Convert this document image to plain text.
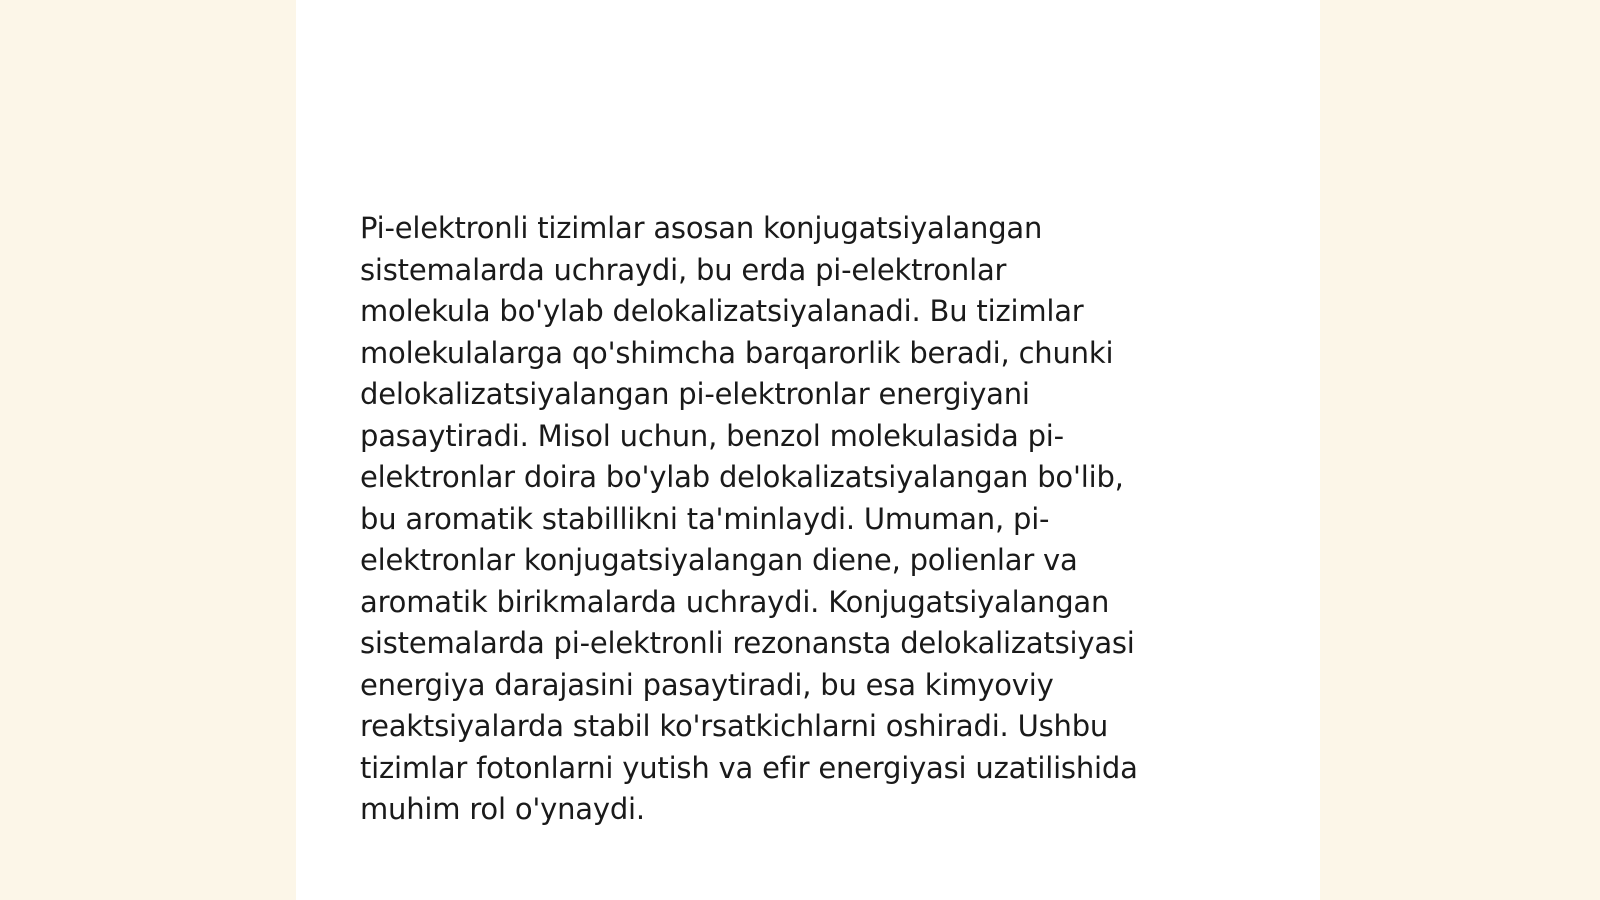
Pi-elektronli tizimlar asosan konjugatsiyalangan
sistemalarda uchraydi, bu erda pi-elektronlar
molekula bo'ylab delokalizatsiyalanadi. Bu tizimlar
molekulalarga qo'shimcha barqarorlik beradi, chunki
delokalizatsiyalangan pi-elektronlar energiyani
pasaytiradi. Misol uchun, benzol molekulasida pi-
elektronlar doira bo'ylab delokalizatsiyalangan bo'lib,
bu aromatik stabillikni ta'minlaydi. Umuman, pi-
elektronlar konjugatsiyalangan diene, polienlar va
aromatik birikmalarda uchraydi. Konjugatsiyalangan
sistemalarda pi-elektronli rezonansta delokalizatsiyasi
energiya darajasini pasaytiradi, bu esa kimyoviy
reaktsiyalarda stabil ko'rsatkichlarni oshiradi. Ushbu
tizimlar fotonlarni yutish va efir energiyasi uzatilishida
muhim rol o'ynaydi.
